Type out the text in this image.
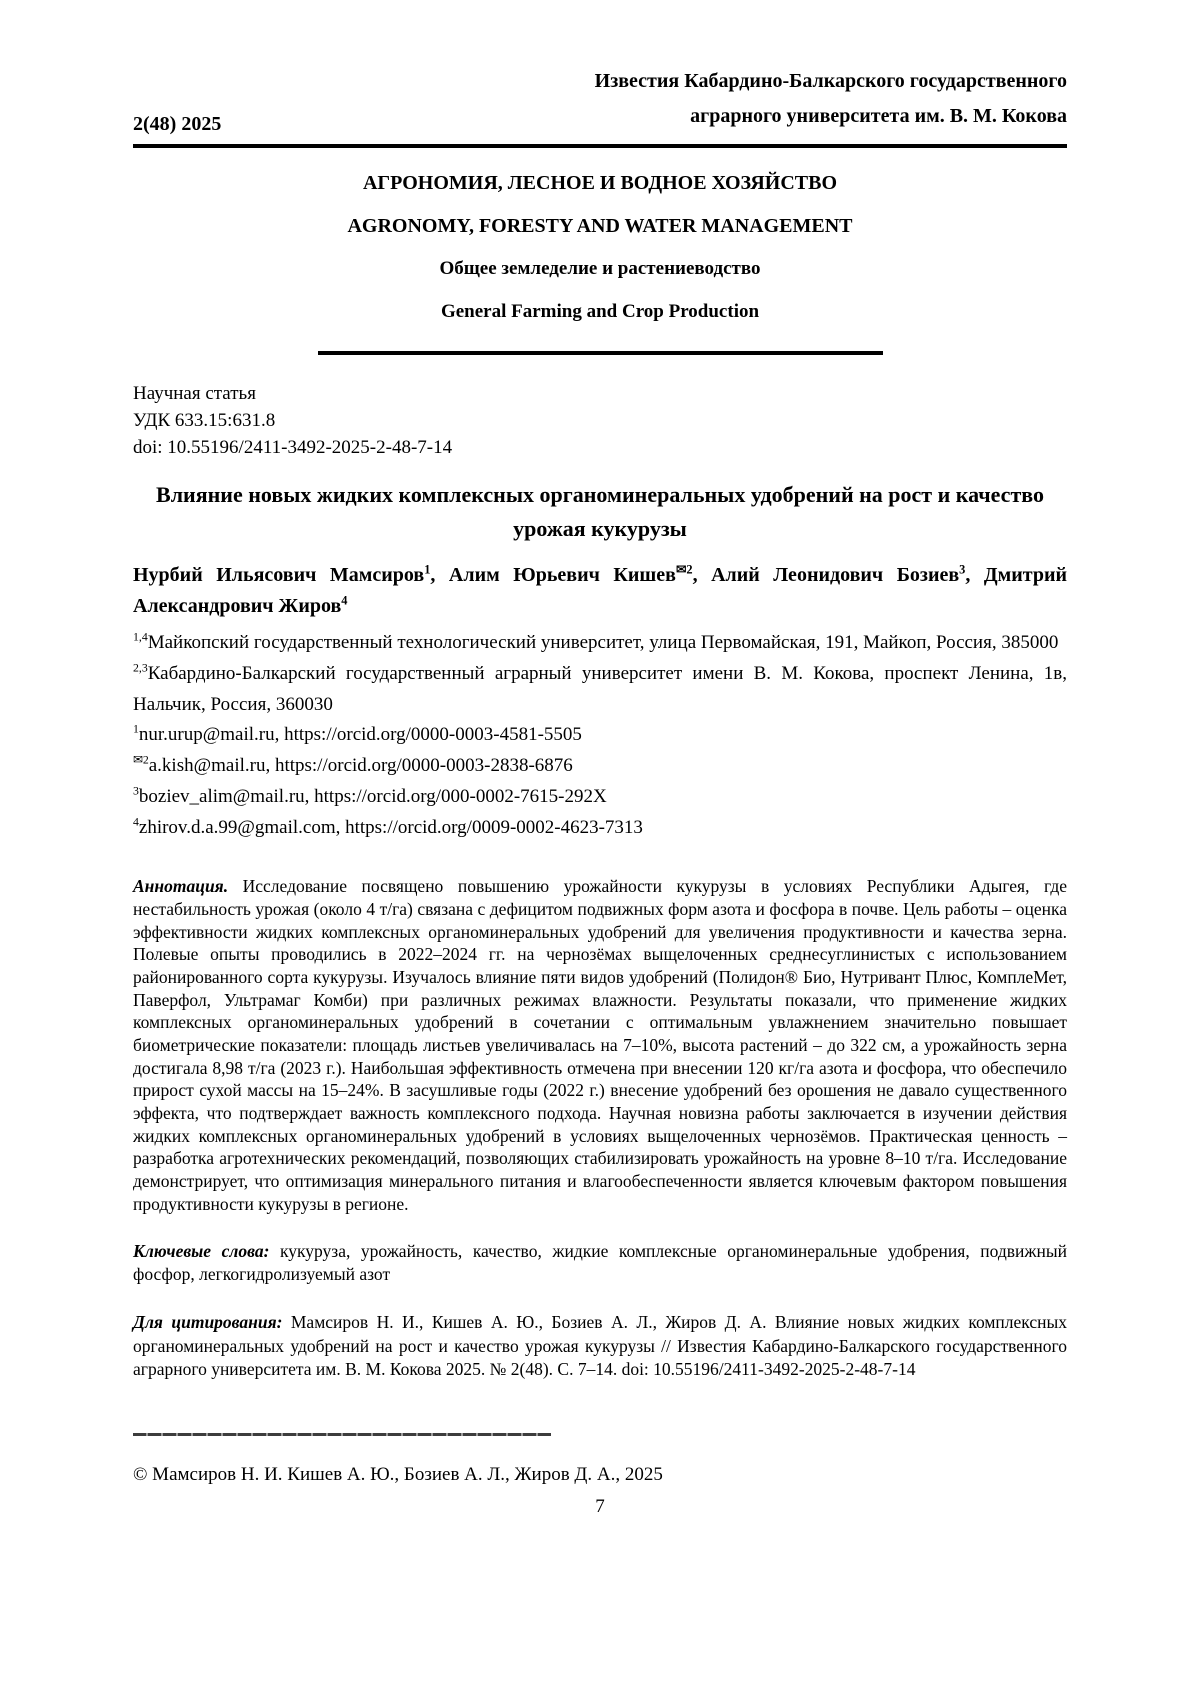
2(48) 2025
Известия Кабардино-Балкарского государственного
аграрного университета им. В. М. Кокова
АГРОНОМИЯ, ЛЕСНОЕ И ВОДНОЕ ХОЗЯЙСТВО
AGRONOMY, FORESTY AND WATER MANAGEMENT
Общее земледелие и растениеводство
General Farming and Crop Production
Научная статья
УДК 633.15:631.8
doi: 10.55196/2411-3492-2025-2-48-7-14
Влияние новых жидких комплексных органоминеральных удобрений на рост и качество урожая кукурузы

Нурбий Ильясович Мамсиров$^1$, Алим Юрьевич Кишев$^{✉2}$, Алий Леонидович Бозиев$^3$, Дмитрий Александрович Жиров$^4$

$^{1,4}$Майкопский государственный технологический университет, улица Первомайская, 191, Майкоп, Россия, 385000

$^{2,3}$Кабардино-Балкарский государственный аграрный университет имени В. М. Кокова, проспект Ленина, 1в, Нальчик, Россия, 360030

$^1$nur.urup@mail.ru, https://orcid.org/0000-0003-4581-5505

$^{✉2}$a.kish@mail.ru, https://orcid.org/0000-0003-2838-6876

$^3$boziev_alim@mail.ru, https://orcid.org/000-0002-7615-292X

$^4$zhirov.d.a.99@gmail.com, https://orcid.org/0009-0002-4623-7313

Аннотация. Исследование посвящено повышению урожайности кукурузы в условиях Республики Адыгея, где нестабильность урожая (около 4 т/га) связана с дефицитом подвижных форм азота и фосфора в почве. Цель работы – оценка эффективности жидких комплексных органоминеральных удобрений для увеличения продуктивности и качества зерна. Полевые опыты проводились в 2022–2024 гг. на чернозёмах выщелоченных среднесуглинистых с использованием районированного сорта кукурузы. Изучалось влияние пяти видов удобрений (Полидон® Био, Нутривант Плюс, КомплеМет, Паверфол, Ультрамаг Комби) при различных режимах влажности. Результаты показали, что применение жидких комплексных органоминеральных удобрений в сочетании с оптимальным увлажнением значительно повышает биометрические показатели: площадь листьев увеличивалась на 7–10%, высота растений – до 322 см, а урожайность зерна достигала 8,98 т/га (2023 г.). Наибольшая эффективность отмечена при внесении 120 кг/га азота и фосфора, что обеспечило прирост сухой массы на 15–24%. В засушливые годы (2022 г.) внесение удобрений без орошения не давало существенного эффекта, что подтверждает важность комплексного подхода. Научная новизна работы заключается в изучении действия жидких комплексных органоминеральных удобрений в условиях выщелоченных чернозёмов. Практическая ценность – разработка агротехнических рекомендаций, позволяющих стабилизировать урожайность на уровне 8–10 т/га. Исследование демонстрирует, что оптимизация минерального питания и влагообеспеченности является ключевым фактором повышения продуктивности кукурузы в регионе.

Ключевые слова: кукуруза, урожайность, качество, жидкие комплексные органоминеральные удобрения, подвижный фосфор, легкогидролизуемый азот

Для цитирования: Мамсиров Н. И., Кишев А. Ю., Бозиев А. Л., Жиров Д. А. Влияние новых жидких комплексных органоминеральных удобрений на рост и качество урожая кукурузы // Известия Кабардино-Балкарского государственного аграрного университета им. В. М. Кокова 2025. № 2(48). С. 7–14. doi: 10.55196/2411-3492-2025-2-48-7-14

© Мамсиров Н. И. Кишев А. Ю., Бозиев А. Л., Жиров Д. А., 2025

7
